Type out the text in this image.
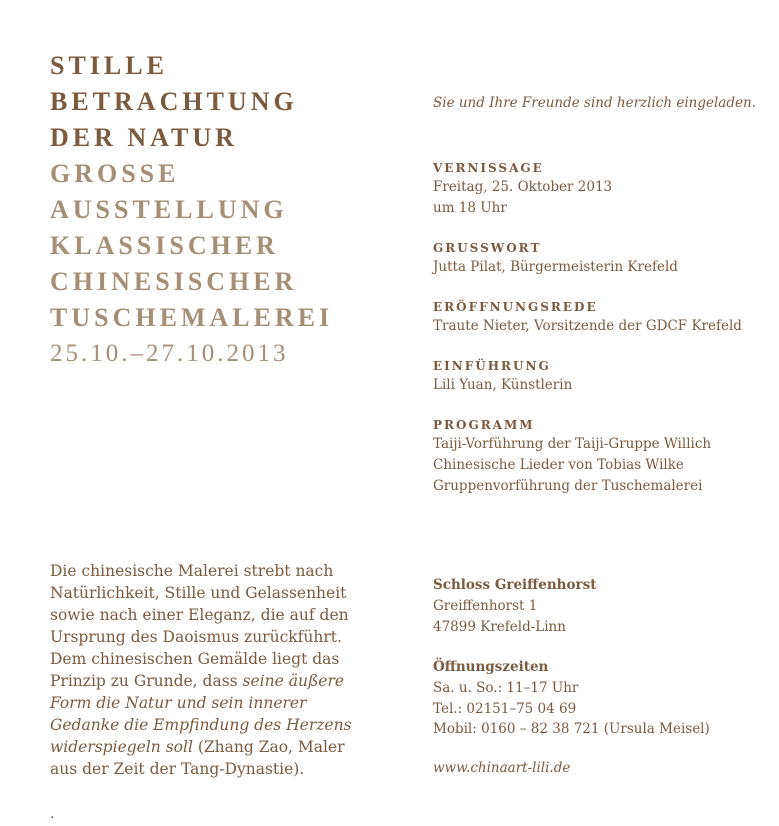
STILLE
BETRACHTUNG
DER NATUR
GROSSE
AUSSTELLUNG
KLASSISCHER
CHINESISCHER
TUSCHEMALEREI
25.10.–27.10.2013
Sie und Ihre Freunde sind herzlich eingeladen.
VERNISSAGE
Freitag, 25. Oktober 2013
um 18 Uhr
GRUSSWORT
Jutta Pilat, Bürgermeisterin Krefeld
ERÖFFNUNGSREDE
Traute Nieter, Vorsitzende der GDCF Krefeld
EINFÜHRUNG
Lili Yuan, Künstlerin
PROGRAMM
Taiji-Vorführung der Taiji-Gruppe Willich
Chinesische Lieder von Tobias Wilke
Gruppenvorführung der Tuschemalerei
Die chinesische Malerei strebt nach Natürlichkeit, Stille und Gelassenheit sowie nach einer Eleganz, die auf den Ursprung des Daoismus zurückführt. Dem chinesischen Gemälde liegt das Prinzip zu Grunde, dass seine äußere Form die Natur und sein innerer Gedanke die Empfindung des Herzens widerspiegeln soll (Zhang Zao, Maler aus der Zeit der Tang-Dynastie).
Schloss Greiffenhorst
Greiffenhorst 1
47899 Krefeld-Linn
Öffnungszeiten
Sa. u. So.: 11–17 Uhr
Tel.: 02151–75 04 69
Mobil: 0160 – 82 38 721 (Ursula Meisel)
www.chinaart-lili.de
.
